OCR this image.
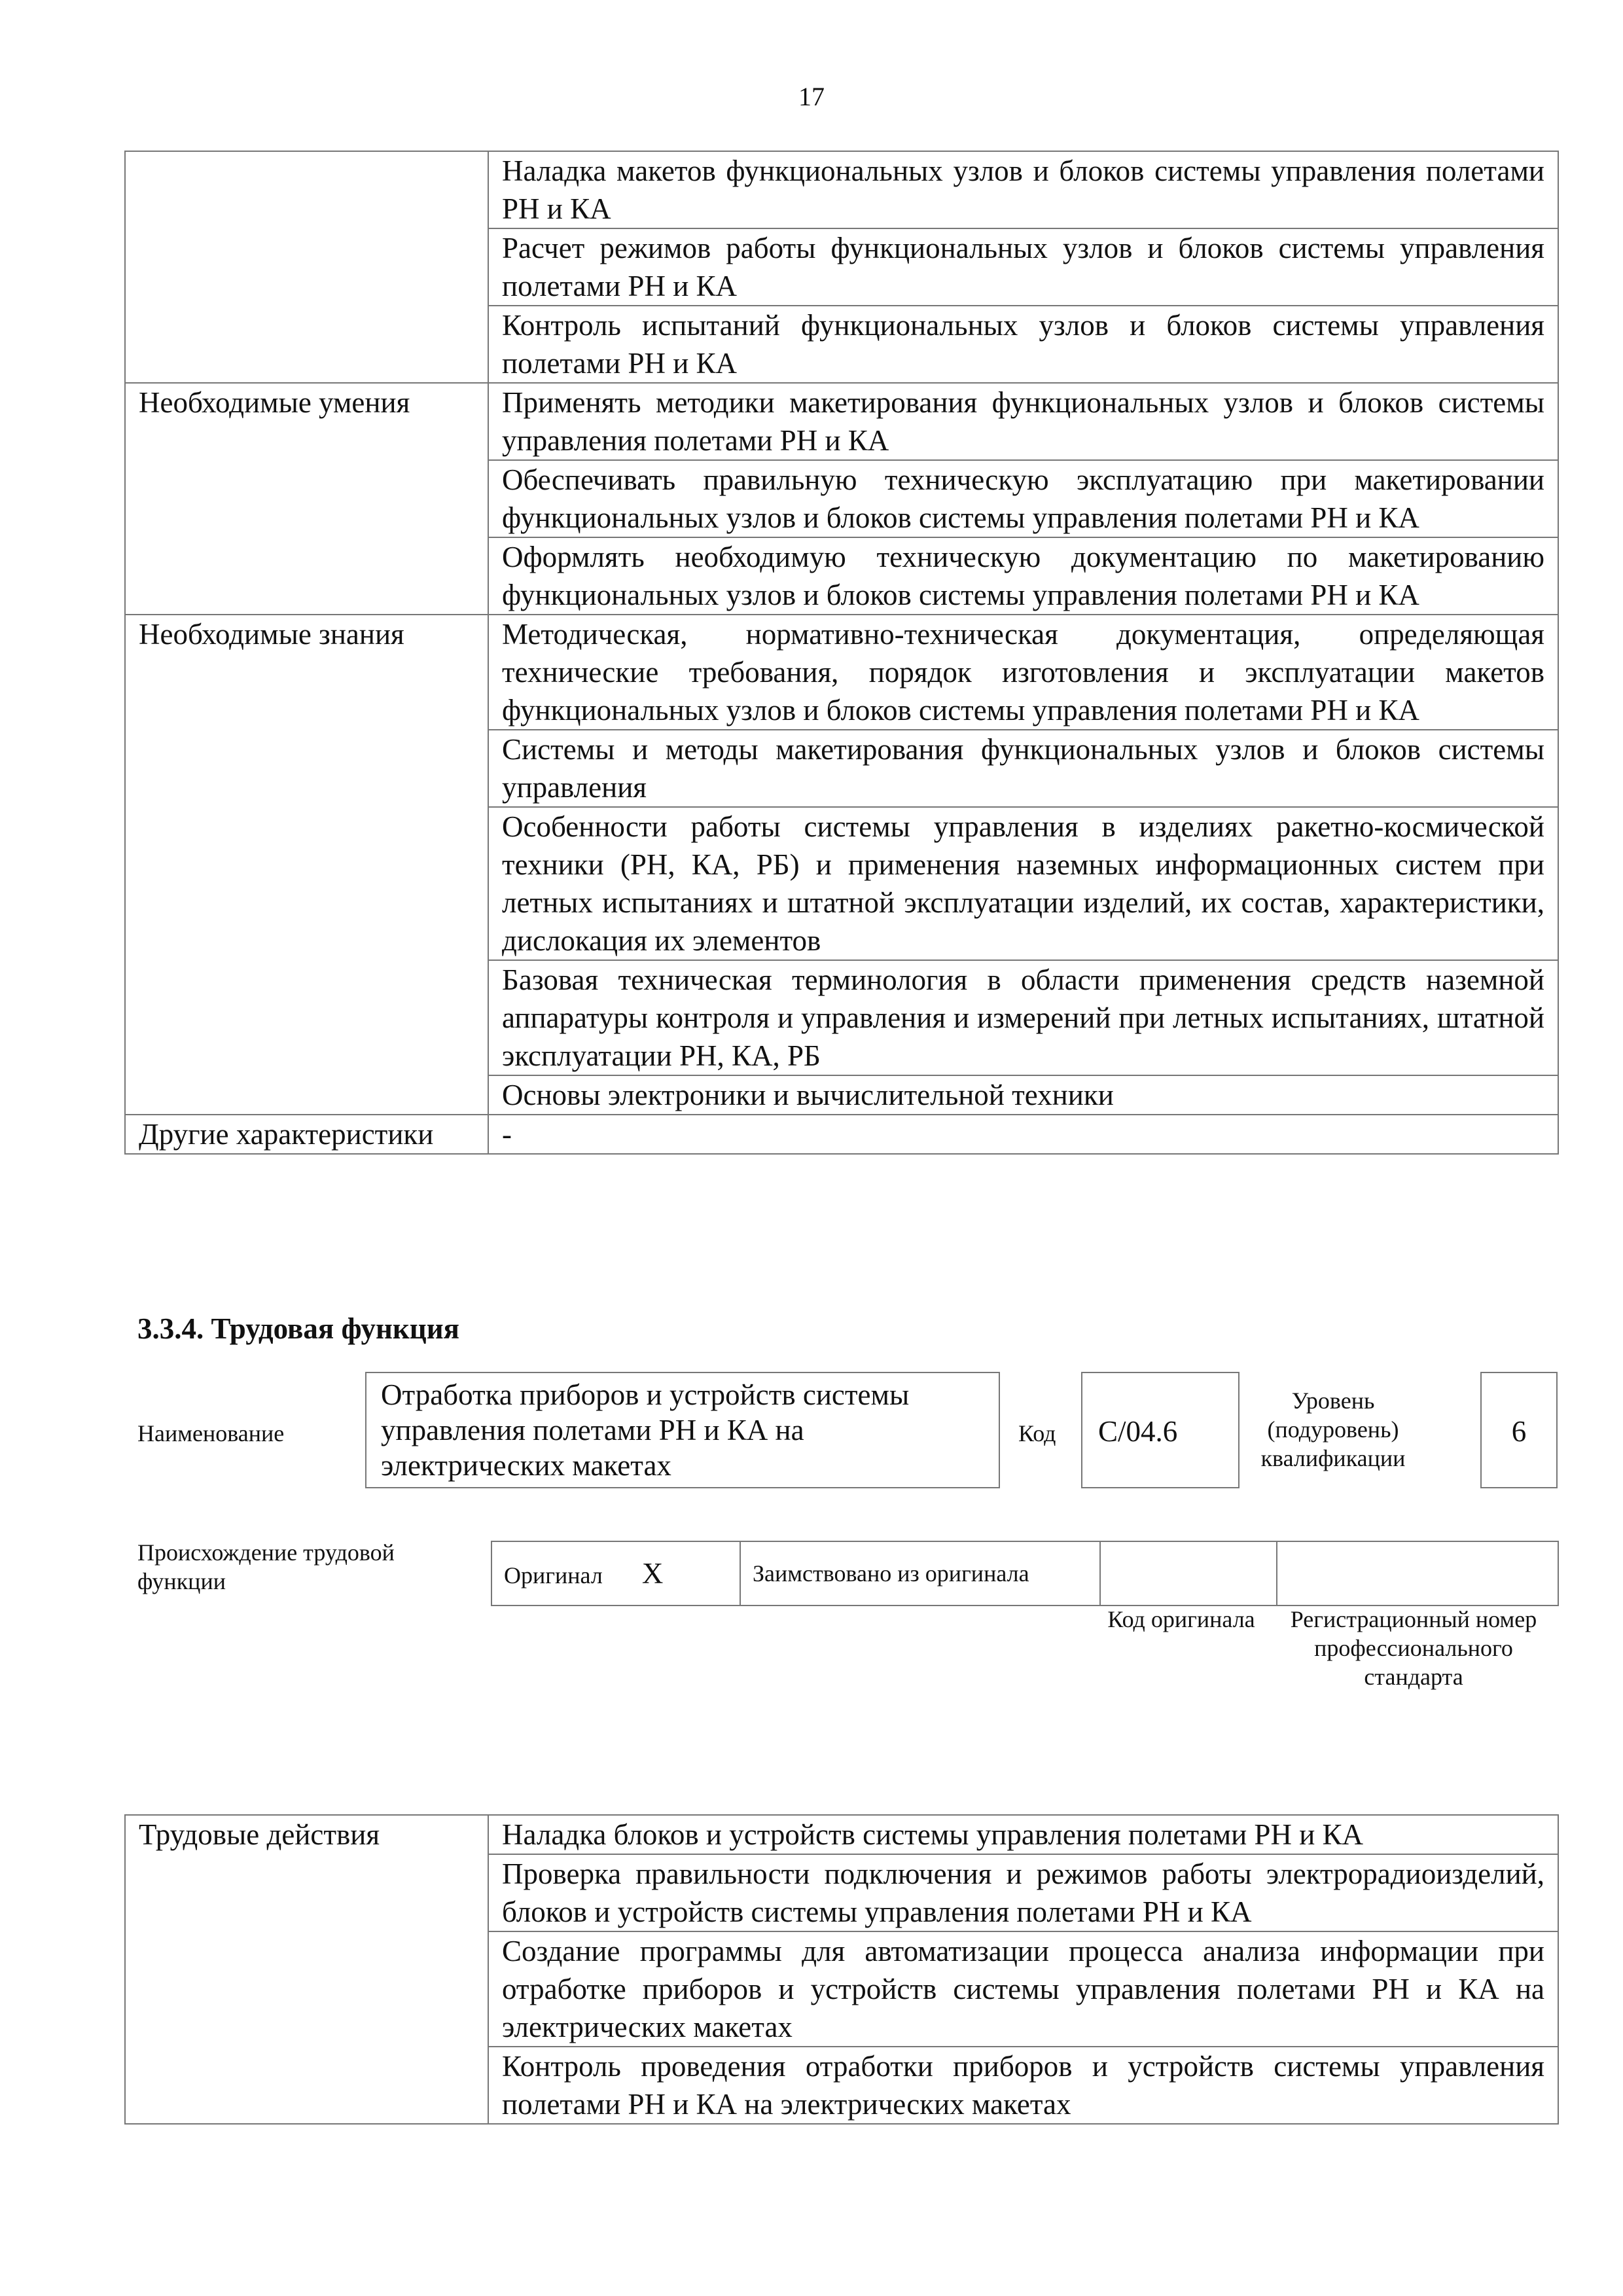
17
	Наладка макетов функциональных узлов и блоков системы управления полетами РН и КА
	Расчет режимов работы функциональных узлов и блоков системы управления полетами РН и КА
	Контроль испытаний функциональных узлов и блоков системы управления полетами РН и КА
Необходимые умения	Применять методики макетирования функциональных узлов и блоков системы управления полетами РН и КА
	Обеспечивать правильную техническую эксплуатацию при макетировании функциональных узлов и блоков системы управления полетами РН и КА
	Оформлять необходимую техническую документацию по макетированию функциональных узлов и блоков системы управления полетами РН и КА
Необходимые знания	Методическая, нормативно-техническая документация, определяющая технические требования, порядок изготовления и эксплуатации макетов функциональных узлов и блоков системы управления полетами РН и КА
	Системы и методы макетирования функциональных узлов и блоков системы управления
	Особенности работы системы управления в изделиях ракетно-космической техники (РН, КА, РБ) и применения наземных информационных систем при летных испытаниях и штатной эксплуатации изделий, их состав, характеристики, дислокация их элементов
	Базовая техническая терминология в области применения средств наземной аппаратуры контроля и управления и измерений при летных испытаниях, штатной эксплуатации РН, КА, РБ
	Основы электроники и вычислительной техники
Другие характеристики	-
3.3.4. Трудовая функция
Наименование
Отработка приборов и устройств системы управления полетами РН и КА на электрических макетах
Код	C/04.6
Уровень
(подуровень)
квалификации
6
Происхождение трудовой функции	Оригинал X	Заимствовано из оригинала		
Код оригинала	Регистрационный номер профессионального стандарта
Трудовые действия	Наладка блоков и устройств системы управления полетами РН и КА
Проверка правильности подключения и режимов работы электрорадиоизделий, блоков и устройств системы управления полетами РН и КА
Создание программы для автоматизации процесса анализа информации при отработке приборов и устройств системы управления полетами РН и КА на электрических макетах
Контроль проведения отработки приборов и устройств системы управления полетами РН и КА на электрических макетах
